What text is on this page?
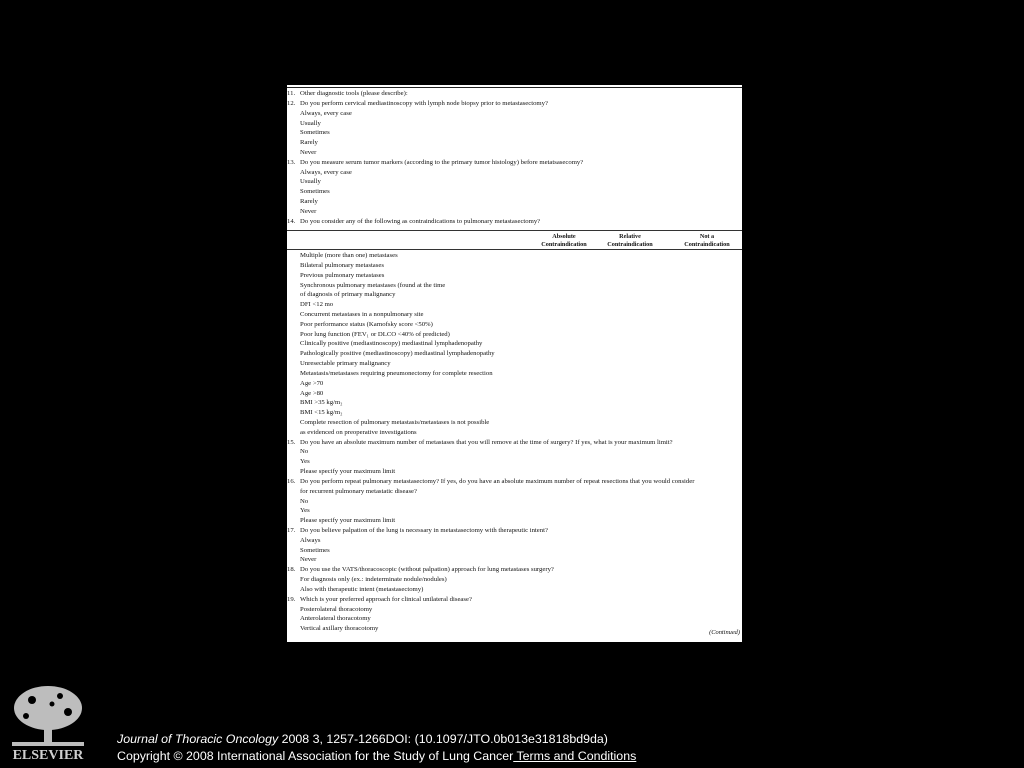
11. Other diagnostic tools (please describe):
12. Do you perform cervical mediastinoscopy with lymph node biopsy prior to metastasectomy?
Always, every case
Usually
Sometimes
Rarely
Never
13. Do you measure serum tumor markers (according to the primary tumor histology) before metatsasecomy?
Always, every case
Usually
Sometimes
Rarely
Never
14. Do you consider any of the following as contraindications to pulmonary metastasectomy?
Multiple (more than one) metastases
Bilateral pulmonary metastases
Previous pulmonary metastases
Synchronous pulmonary metastases (found at the time
of diagnosis of primary malignancy
DFI <12 mo
Concurrent metastases in a nonpulmonary site
Poor performance status (Karnofsky score <50%)
Poor lung function (FEV₁ or DLCO <40% of predicted)
Clinically positive (mediastinoscopy) mediastinal lymphadenopathy
Pathologically positive (mediastinoscopy) mediastinal lymphadenopathy
Unresectable primary malignancy
Metastasis/metastases requiring pneumonectomy for complete resection
Age >70
Age >80
BMI >35 kg/m₂
BMI <15 kg/m₂
Complete resection of pulmonary metastasis/metastases is not possible
as evidenced on preoperative investigations
15. Do you have an absolute maximum number of metastases that you will remove at the time of surgery? If yes, what is your maximum limit?
No
Yes
Please specify your maximum limit
16. Do you perform repeat pulmonary metastasectomy? If yes, do you have an absolute maximum number of repeat resections that you would consider
for recurrent pulmonary metastatic disease?
No
Yes
Please specify your maximum limit
17. Do you believe palpation of the lung is necessary in metastasectomy with therapeutic intent?
Always
Sometimes
Never
18. Do you use the VATS/thoracoscopic (without palpation) approach for lung metastases surgery?
For diagnosis only (ex.: indeterminate nodule/nodules)
Also with therapeutic intent (metastasectomy)
19. Which is your preferred approach for clinical unilateral disease?
Posterolateral thoracotomy
Anterolateral thoracotomy
Vertical axillary thoracotomy
Absolute Contraindication
Relative Contraindication
Not a Contraindication
(Continued)
ELSEVIER
Journal of Thoracic Oncology 2008 3, 1257-1266DOI: (10.1097/JTO.0b013e31818bd9da)
Copyright © 2008 International Association for the Study of Lung Cancer Terms and Conditions
